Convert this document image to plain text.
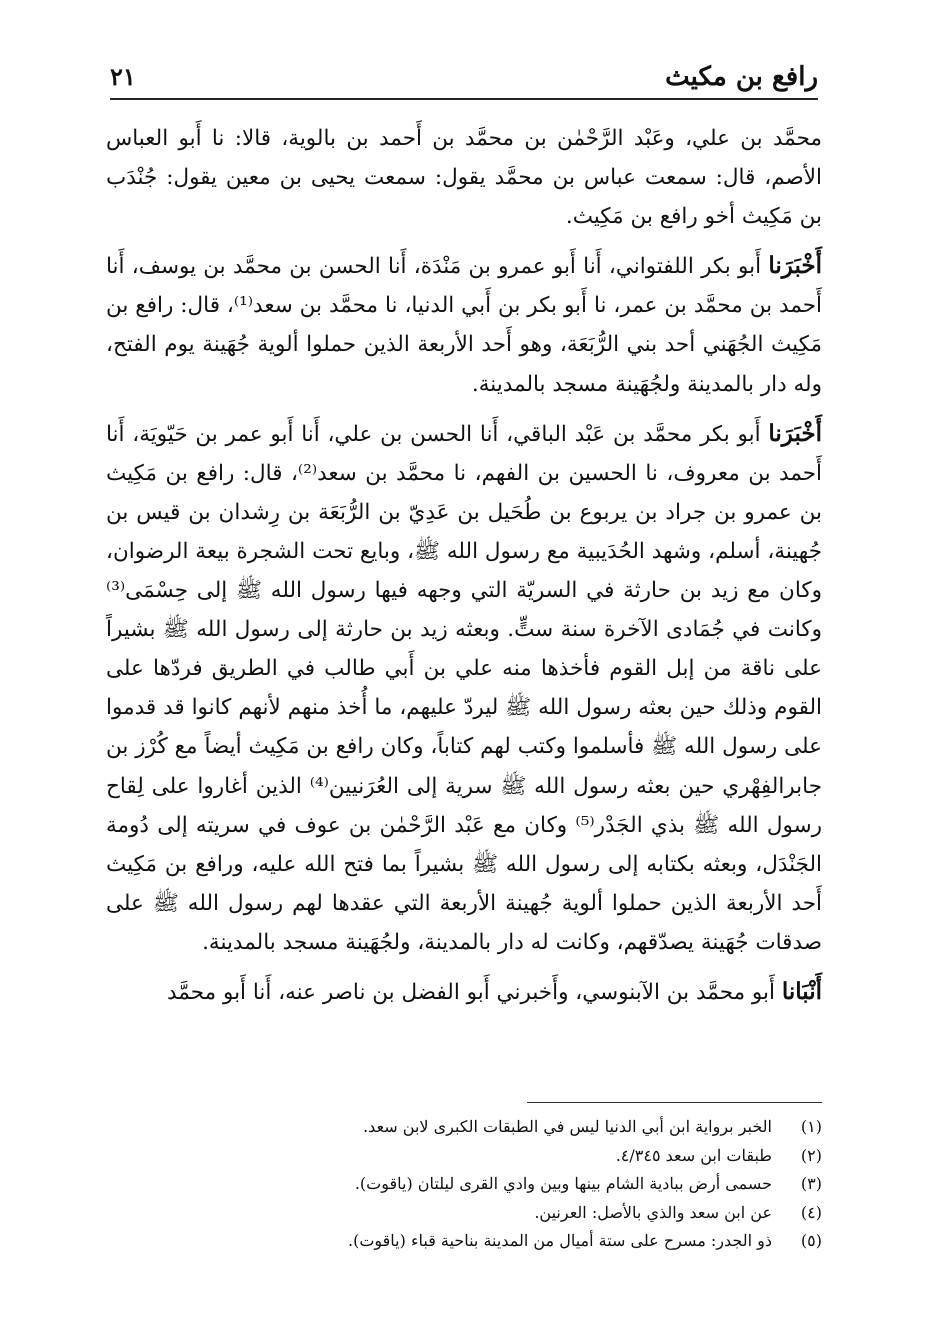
رافع بن مكيث
٢١

محمَّد بن علي، وعَبْد الرَّحْمٰن بن محمَّد بن أَحمد بن بالوية، قالا: نا أَبو العباس الأصم، قال: سمعت عباس بن محمَّد يقول: سمعت يحيى بن معين يقول: جُنْدَب بن مَكِيث أخو رافع بن مَكِيث.

أَخْبَرَنا أَبو بكر اللفتواني، أَنا أَبو عمرو بن مَنْدَة، أَنا الحسن بن محمَّد بن يوسف، أَنا أَحمد بن محمَّد بن عمر، نا أَبو بكر بن أَبي الدنيا، نا محمَّد بن سعد⁽¹⁾، قال: رافع بن مَكِيث الجُهَني أحد بني الرُّبَعَة، وهو أَحد الأربعة الذين حملوا ألوية جُهَينة يوم الفتح، وله دار بالمدينة ولجُهَينة مسجد بالمدينة.

أَخْبَرَنا أَبو بكر محمَّد بن عَبْد الباقي، أَنا الحسن بن علي، أَنا أَبو عمر بن حَيّويَة، أَنا أَحمد بن معروف، نا الحسين بن الفهم، نا محمَّد بن سعد⁽²⁾، قال: رافع بن مَكِيث بن عمرو بن جراد بن يربوع بن طُحَيل بن عَدِيّ بن الرُّبَعَة بن رِشدان بن قيس بن جُهينة، أسلم، وشهد الحُدَيبية مع رسول الله ﷺ، وبايع تحت الشجرة بيعة الرضوان، وكان مع زيد بن حارثة في السريّة التي وجهه فيها رسول الله ﷺ إلى حِسْمَى⁽³⁾ وكانت في جُمَادى الآخرة سنة ستٍّ. وبعثه زيد بن حارثة إلى رسول الله ﷺ بشيراً على ناقة من إبل القوم فأخذها منه علي بن أَبي طالب في الطريق فردّها على القوم وذلك حين بعثه رسول الله ﷺ ليردّ عليهم، ما أُخذ منهم لأنهم كانوا قد قدموا على رسول الله ﷺ فأسلموا وكتب لهم كتاباً، وكان رافع بن مَكِيث أيضاً مع كُرْز بن جابرالفِهْري حين بعثه رسول الله ﷺ سرية إلى العُرَنيين⁽⁴⁾ الذين أغاروا على لِقاح رسول الله ﷺ بذي الجَدْر⁽⁵⁾ وكان مع عَبْد الرَّحْمٰن بن عوف في سريته إلى دُومة الجَنْدَل، وبعثه بكتابه إلى رسول الله ﷺ بشيراً بما فتح الله عليه، ورافع بن مَكِيث أَحد الأربعة الذين حملوا ألوية جُهينة الأربعة التي عقدها لهم رسول الله ﷺ على صدقات جُهَينة يصدّقهم، وكانت له دار بالمدينة، ولجُهَينة مسجد بالمدينة.

أَنْبَانا أَبو محمَّد بن الآبنوسي، وأَخبرني أَبو الفضل بن ناصر عنه، أَنا أَبو محمَّد

(١)
الخبر برواية ابن أبي الدنيا ليس في الطبقات الكبرى لابن سعد.
(٢)
طبقات ابن سعد ٤/٣٤٥.
(٣)
حسمى أرض ببادية الشام بينها وبين وادي القرى ليلتان (ياقوت).
(٤)
عن ابن سعد والذي بالأصل: العرنين.
(٥)
ذو الجدر: مسرح على ستة أميال من المدينة بناحية قباء (ياقوت).
